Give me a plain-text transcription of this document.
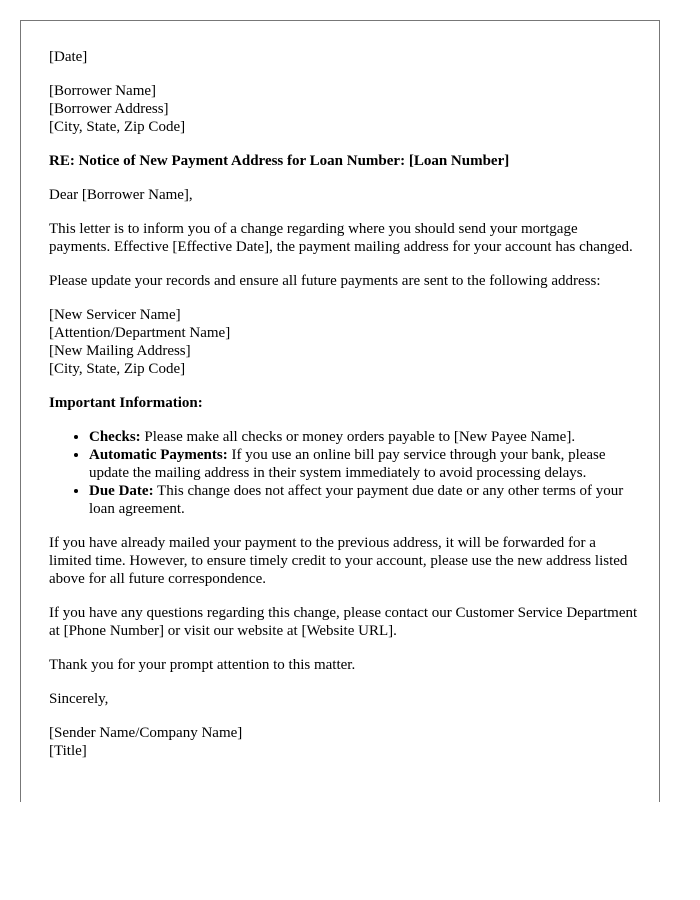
[Date]

[Borrower Name]
[Borrower Address]
[City, State, Zip Code]

RE: Notice of New Payment Address for Loan Number: [Loan Number]

Dear [Borrower Name],

This letter is to inform you of a change regarding where you should send your mortgage payments. Effective [Effective Date], the payment mailing address for your account has changed.

Please update your records and ensure all future payments are sent to the following address:

[New Servicer Name]
[Attention/Department Name]
[New Mailing Address]
[City, State, Zip Code]

Important Information:

• Checks: Please make all checks or money orders payable to [New Payee Name].
• Automatic Payments: If you use an online bill pay service through your bank, please update the mailing address in their system immediately to avoid processing delays.
• Due Date: This change does not affect your payment due date or any other terms of your loan agreement.

If you have already mailed your payment to the previous address, it will be forwarded for a limited time. However, to ensure timely credit to your account, please use the new address listed above for all future correspondence.

If you have any questions regarding this change, please contact our Customer Service Department at [Phone Number] or visit our website at [Website URL].

Thank you for your prompt attention to this matter.

Sincerely,

[Sender Name/Company Name]
[Title]
